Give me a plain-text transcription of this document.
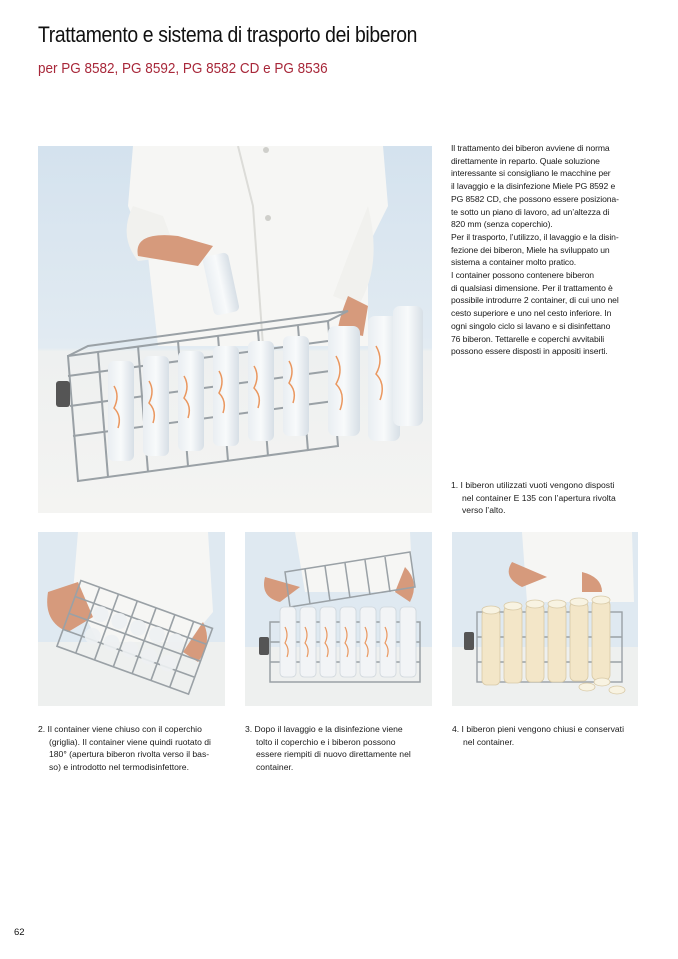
Trattamento e sistema di trasporto dei biberon
per PG 8582, PG 8592, PG 8582 CD e PG 8536

Il trattamento dei biberon avviene di norma
direttamente in reparto. Quale soluzione
interessante si consigliano le macchine per
il lavaggio e la disinfezione Miele PG 8592 e
PG 8582 CD, che possono essere posiziona-
te sotto un piano di lavoro, ad un’altezza di
820 mm (senza coperchio).
Per il trasporto, l’utilizzo, il lavaggio e la disin-
fezione dei biberon, Miele ha sviluppato un
sistema a container molto pratico.
I container possono contenere biberon
di qualsiasi dimensione. Per il trattamento è
possibile introdurre 2 container, di cui uno nel
cesto superiore e uno nel cesto inferiore. In
ogni singolo ciclo si lavano e si disinfettano
76 biberon. Tettarelle e coperchi avvitabili
possono essere disposti in appositi inserti.

1. I biberon utilizzati vuoti vengono disposti
nel container E 135 con l’apertura rivolta
verso l’alto.
2. Il container viene chiuso con il coperchio
(griglia). Il container viene quindi ruotato di
180° (apertura biberon rivolta verso il bas-
so) e introdotto nel termodisinfettore.
3. Dopo il lavaggio e la disinfezione viene
tolto il coperchio e i biberon possono
essere riempiti di nuovo direttamente nel
container.
4. I biberon pieni vengono chiusi e conservati
nel container.
62
